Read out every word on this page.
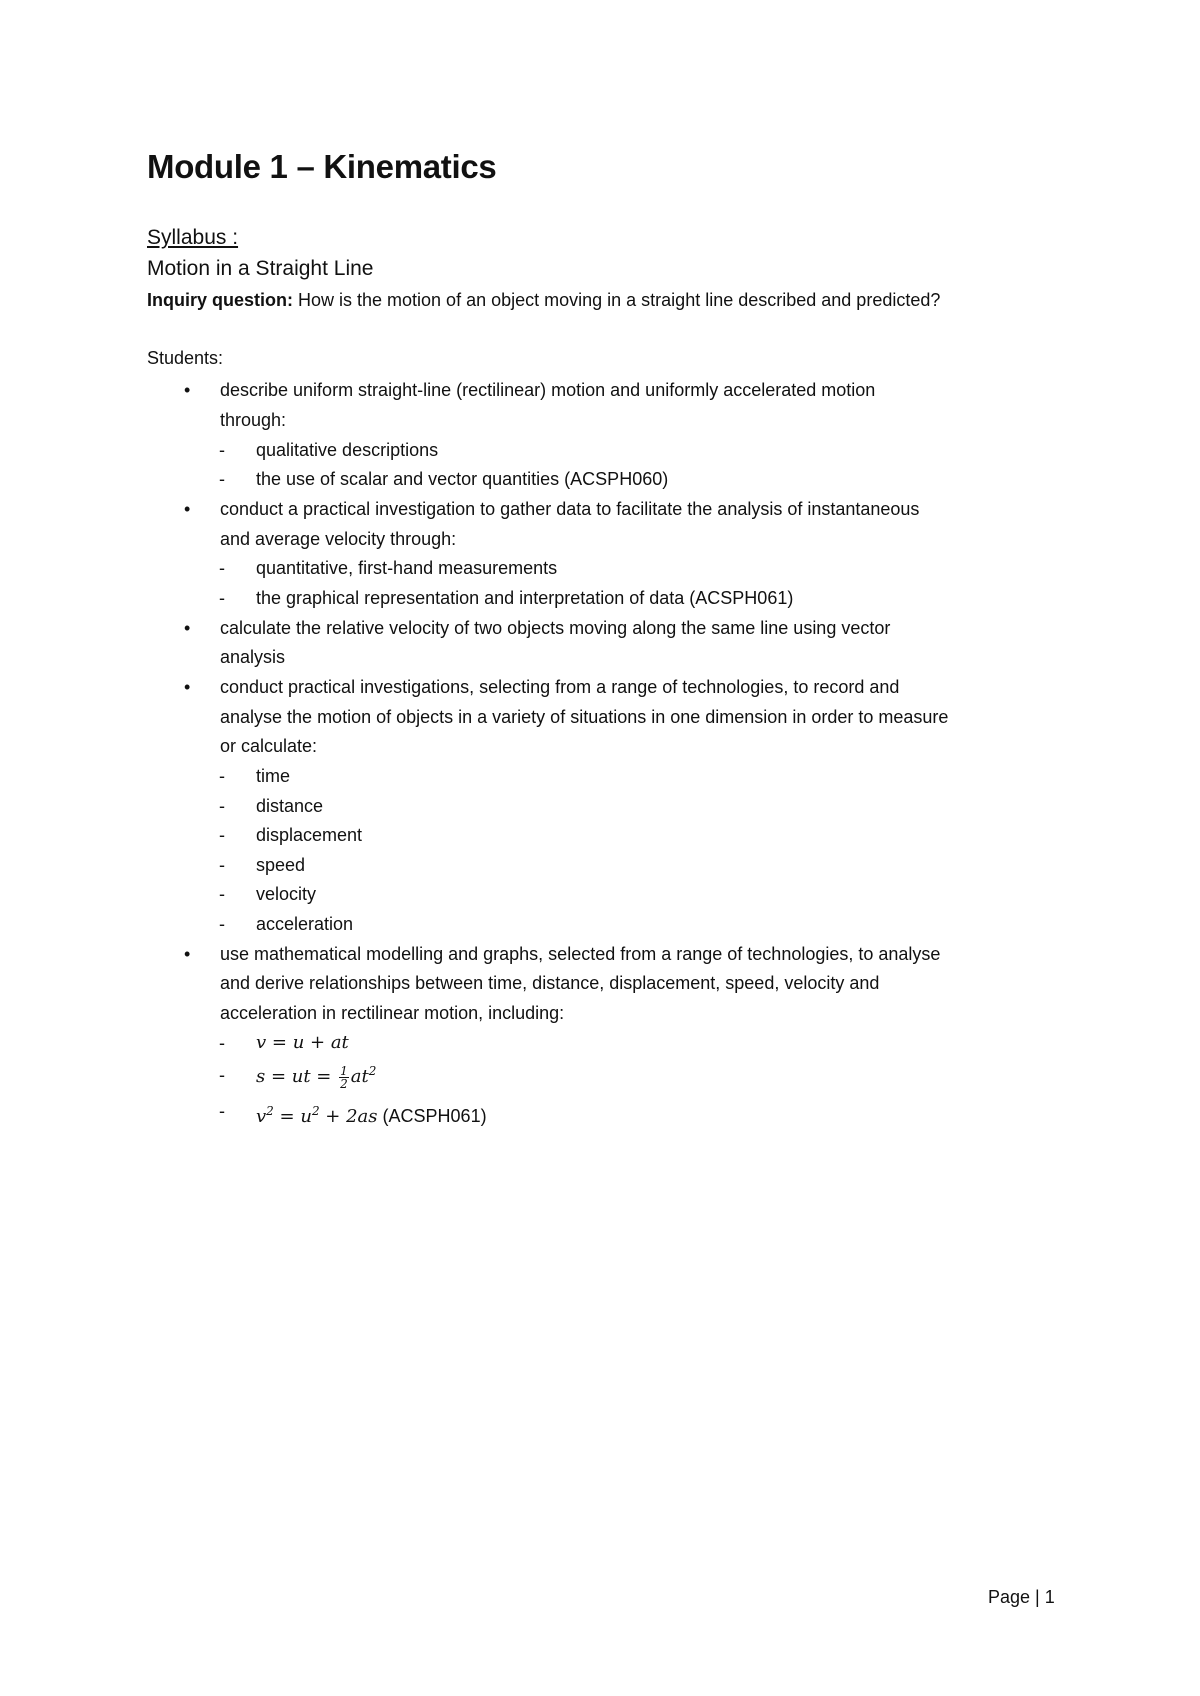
Module 1 – Kinematics
Syllabus :
Motion in a Straight Line
Inquiry question: How is the motion of an object moving in a straight line described and predicted?
Students:
• describe uniform straight-line (rectilinear) motion and uniformly accelerated motion
through:
- qualitative descriptions
- the use of scalar and vector quantities (ACSPH060)
• conduct a practical investigation to gather data to facilitate the analysis of instantaneous
and average velocity through:
- quantitative, first-hand measurements
- the graphical representation and interpretation of data (ACSPH061)
• calculate the relative velocity of two objects moving along the same line using vector
analysis
• conduct practical investigations, selecting from a range of technologies, to record and
analyse the motion of objects in a variety of situations in one dimension in order to measure
or calculate:
- time
- distance
- displacement
- speed
- velocity
- acceleration
• use mathematical modelling and graphs, selected from a range of technologies, to analyse
and derive relationships between time, distance, displacement, speed, velocity and
acceleration in rectilinear motion, including:
- v = u + at
- s = ut = $\frac{1}{2} at^2$
- $v^2 = u^2 + 2as$ (ACSPH061)
Page | 1
